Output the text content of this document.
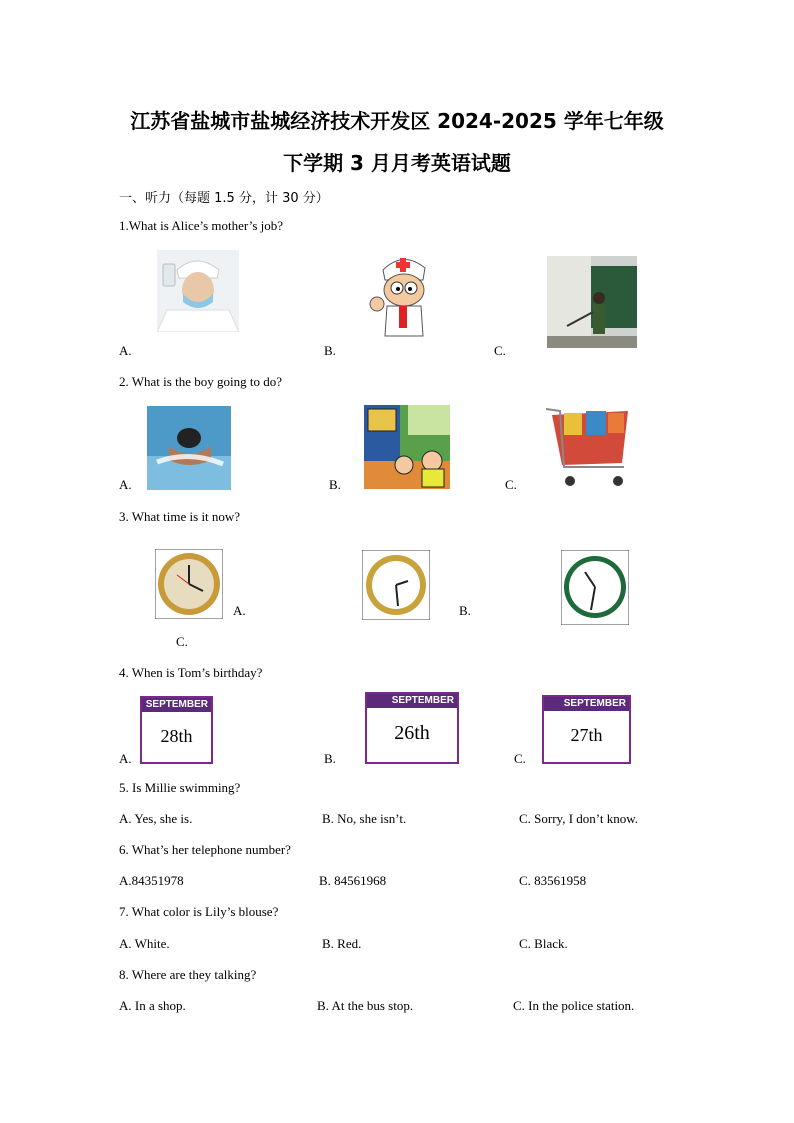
江苏省盐城市盐城经济技术开发区 2024-2025 学年七年级
下学期 3 月月考英语试题
一、听力（每题 1.5 分，计 30 分）
1.What is Alice’s mother’s job?
A.	B.	C.
2. What is the boy going to do?
A.	B.	C.
3. What time is it now?
A.	B.
C.
4. When is Tom’s birthday?
SEPTEMBER
28th
SEPTEMBER
26th
SEPTEMBER
27th
A.	B.	C.
5. Is Millie swimming?
A. Yes, she is.	B. No, she isn’t.	C. Sorry, I don’t know.
6. What’s her telephone number?
A.84351978	B. 84561968	C. 83561958
7. What color is Lily’s blouse?
A. White.	B. Red.	C. Black.
8. Where are they talking?
A. In a shop.	B. At the bus stop.	C. In the police station.
